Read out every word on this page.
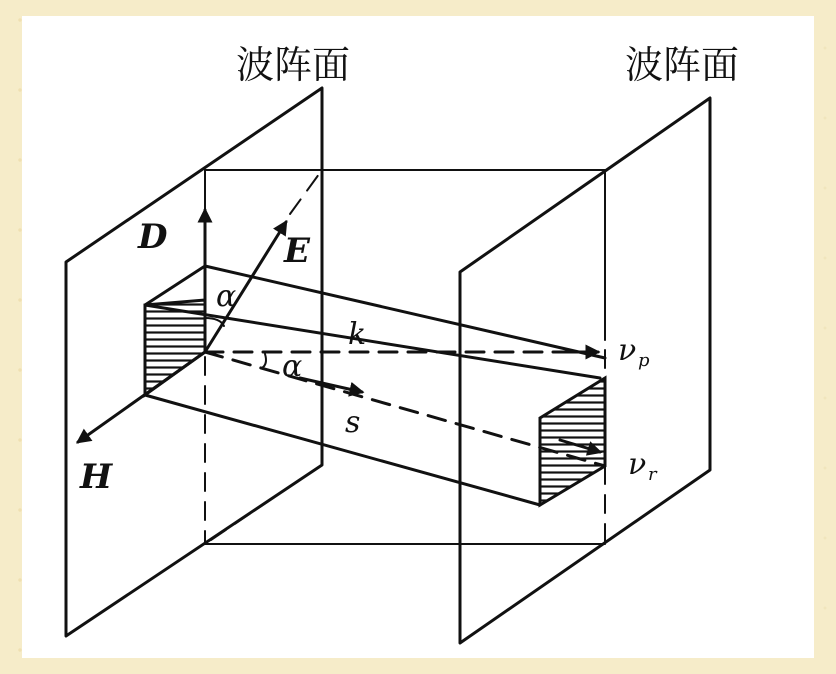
波阵面	波阵面
D	E
H
k
s
α
α	ν p
ν r
